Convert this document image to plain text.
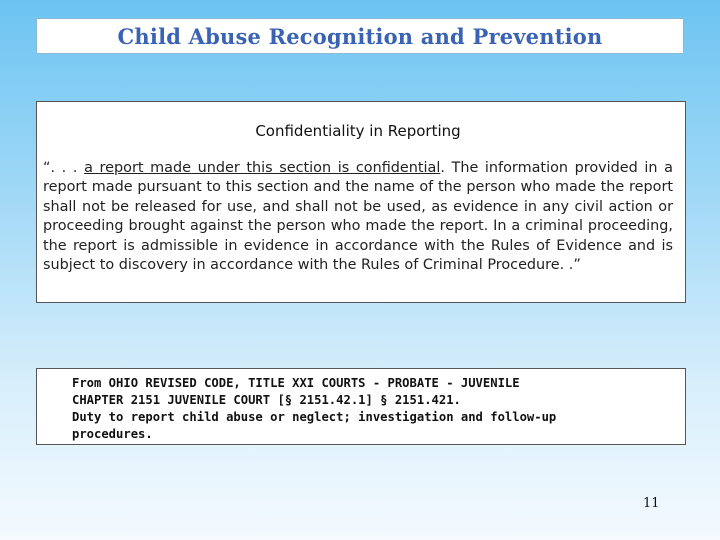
Child Abuse Recognition and Prevention

Confidentiality in Reporting

“. . . a report made under this section is confidential. The information provided in a report made pursuant to this section and the name of the person who made the report shall not be released for use, and shall not be used, as evidence in any civil action or proceeding brought against the person who made the report. In a criminal proceeding, the report is admissible in evidence in accordance with the Rules of Evidence and is subject to discovery in accordance with the Rules of Criminal Procedure. .”

From OHIO REVISED CODE, TITLE XXI COURTS - PROBATE - JUVENILE
CHAPTER 2151 JUVENILE COURT [§ 2151.42.1] § 2151.421.
Duty to report child abuse or neglect; investigation and follow-up
procedures.
11
